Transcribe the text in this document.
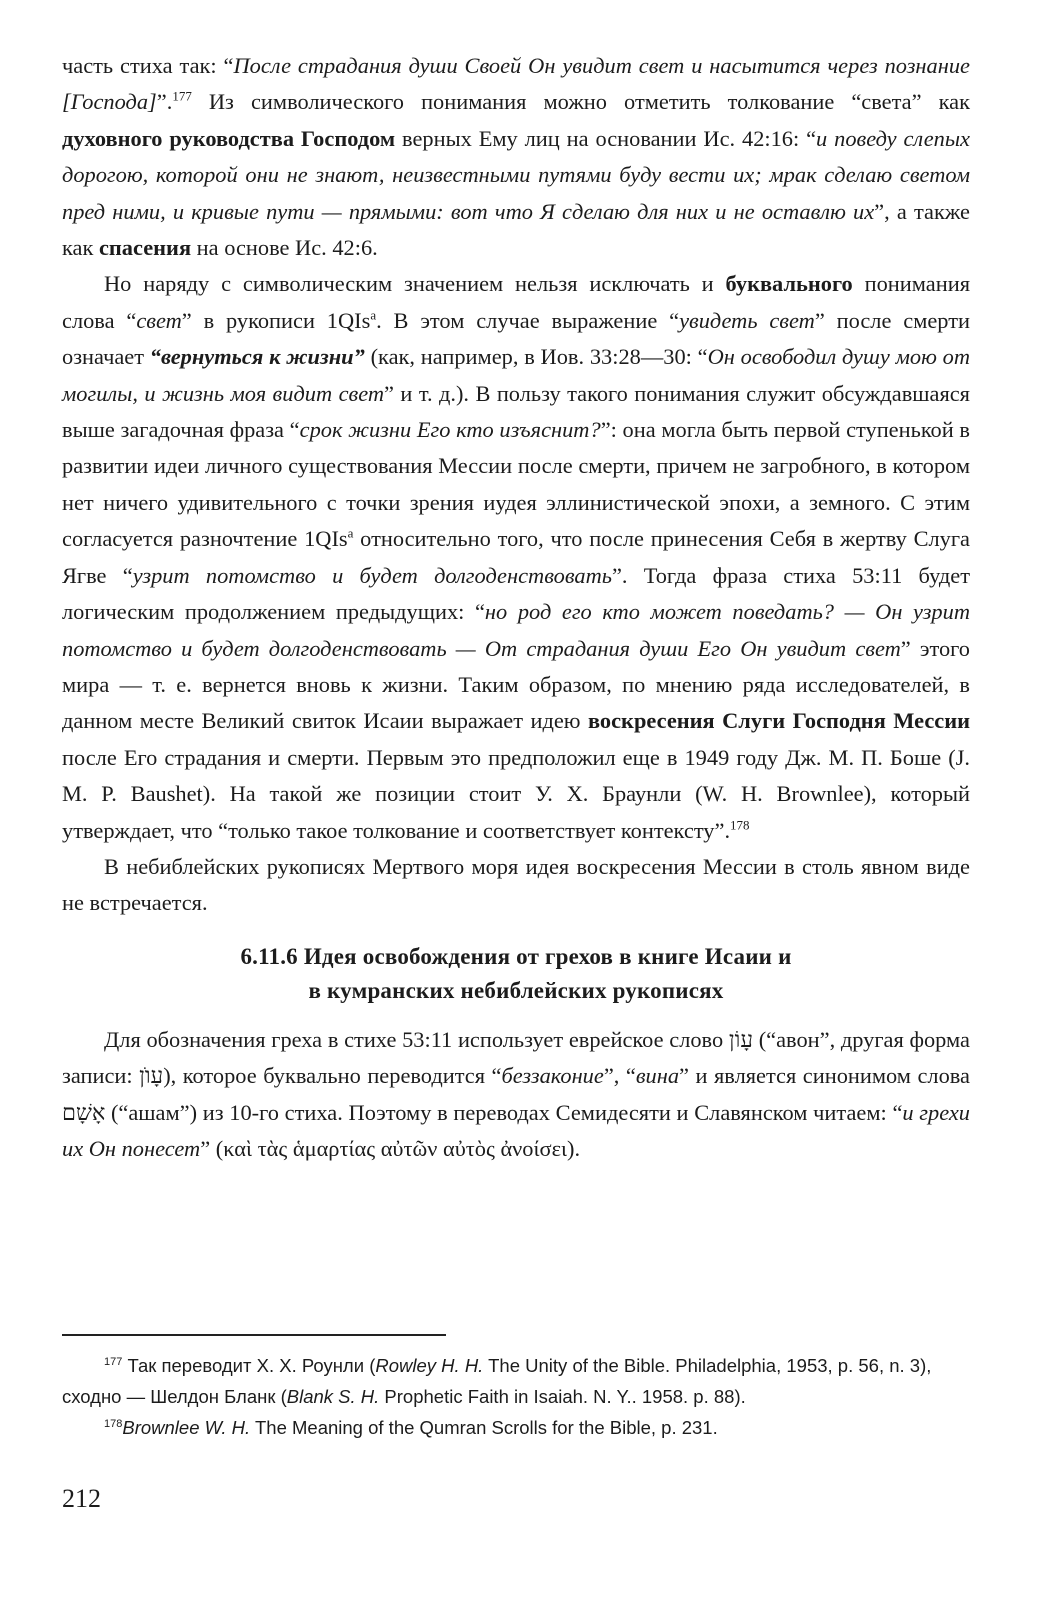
часть стиха так: “После страдания души Своей Он увидит свет и насытится через познание [Господа]”.$^{177}$ Из символического понимания можно отметить толкование “света” как духовного руководства Господом верных Ему лиц на основании Ис. 42:16: “и поведу слепых дорогою, которой они не знают, неизвестными путями буду вести их; мрак сделаю светом пред ними, и кривые пути — прямыми: вот что Я сделаю для них и не оставлю их”, а также как спасения на основе Ис. 42:6.

Но наряду с символическим значением нельзя исключать и буквального понимания слова “свет” в рукописи 1QIs$^a$. В этом случае выражение “увидеть свет” после смерти означает “вернуться к жизни” (как, например, в Иов. 33:28—30: “Он освободил душу мою от могилы, и жизнь моя видит свет” и т. д.). В пользу такого понимания служит обсуждавшаяся выше загадочная фраза “срок жизни Его кто изъяснит?”: она могла быть первой ступенькой в развитии идеи личного существования Мессии после смерти, причем не загробного, в котором нет ничего удивительного с точки зрения иудея эллинистической эпохи, а земного. С этим согласуется разночтение 1QIs$^a$ относительно того, что после принесения Себя в жертву Слуга Ягве “узрит потомство и будет долгоденствовать”. Тогда фраза стиха 53:11 будет логическим продолжением предыдущих: “но род его кто может поведать? — Он узрит потомство и будет долгоденствовать — От страдания души Его Он увидит свет” этого мира — т. е. вернется вновь к жизни. Таким образом, по мнению ряда исследователей, в данном месте Великий свиток Исаии выражает идею воскресения Слуги Господня Мессии после Его страдания и смерти. Первым это предположил еще в 1949 году Дж. М. П. Боше (J. M. P. Baushet). На такой же позиции стоит У. Х. Браунли (W. H. Brownlee), который утверждает, что “только такое толкование и соответствует контексту”.$^{178}$

В небиблейских рукописях Мертвого моря идея воскресения Мессии в столь явном виде не встречается.

6.11.6 Идея освобождения от грехов в книге Исаии и
в кумранских небиблейских рукописях

Для обозначения греха в стихе 53:11 использует еврейское слово עָוֹן (“авон”, другая форма записи: עָוֺן), которое буквально переводится “беззаконие”, “вина” и является синонимом слова אָשָׁם (“ашам”) из 10-го стиха. Поэтому в переводах Семидесяти и Славянском читаем: “и грехи их Он понесет” (καὶ τὰς ἁμαρτίας αὐτῶν αὐτὸς ἀνοίσει).

$^{177}$ Так переводит Х. Х. Роунли (Rowley H. H. The Unity of the Bible. Philadelphia, 1953, p. 56, n. 3), сходно — Шелдон Бланк (Blank S. H. Prophetic Faith in Isaiah. N. Y.. 1958. p. 88).

$^{178}$Brownlee W. H. The Meaning of the Qumran Scrolls for the Bible, p. 231.

212
